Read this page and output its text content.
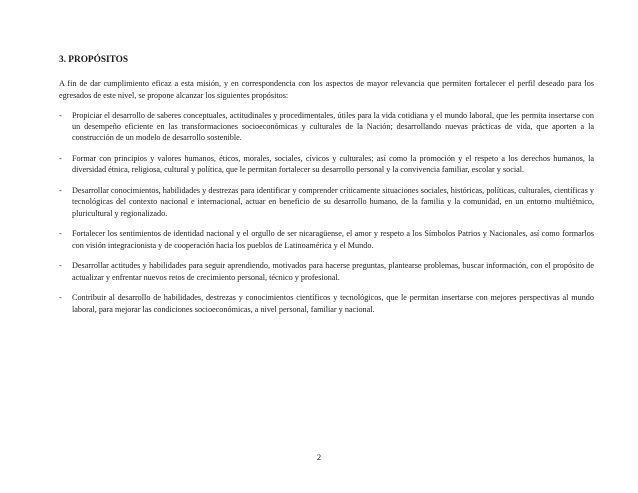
3. PROPÓSITOS

A fin de dar cumplimiento eficaz a esta misión, y en correspondencia con los aspectos de mayor relevancia que permiten fortalecer el perfil deseado para los egresados de este nivel, se propone alcanzar los siguientes propósitos:

- Propiciar el desarrollo de saberes conceptuales, actitudinales y procedimentales, útiles para la vida cotidiana y el mundo laboral, que les permita insertarse con un desempeño eficiente en las transformaciones socioeconómicas y culturales de la Nación; desarrollando nuevas prácticas de vida, que aporten a la construcción de un modelo de desarrollo sostenible.
- Formar con principios y valores humanos, éticos, morales, sociales, cívicos y culturales; así como la promoción y el respeto a los derechos humanos, la diversidad étnica, religiosa, cultural y política, que le permitan fortalecer su desarrollo personal y la convivencia familiar, escolar y social.
- Desarrollar conocimientos, habilidades y destrezas para identificar y comprender críticamente situaciones sociales, históricas, políticas, culturales, científicas y tecnológicas del contexto nacional e internacional, actuar en beneficio de su desarrollo humano, de la familia y la comunidad, en un entorno multiétnico, pluricultural y regionalizado.
- Fortalecer los sentimientos de identidad nacional y el orgullo de ser nicaragüense, el amor y respeto a los Símbolos Patrios y Nacionales, así como formarlos con visión integracionista y de cooperación hacia los pueblos de Latinoamérica y el Mundo.
- Desarrollar actitudes y habilidades para seguir aprendiendo, motivados para hacerse preguntas, plantearse problemas, buscar información, con el propósito de actualizar y enfrentar nuevos retos de crecimiento personal, técnico y profesional.
- Contribuir al desarrollo de habilidades, destrezas y conocimientos científicos y tecnológicos, que le permitan insertarse con mejores perspectivas al mundo laboral, para mejorar las condiciones socioeconómicas, a nivel personal, familiar y nacional.
2
